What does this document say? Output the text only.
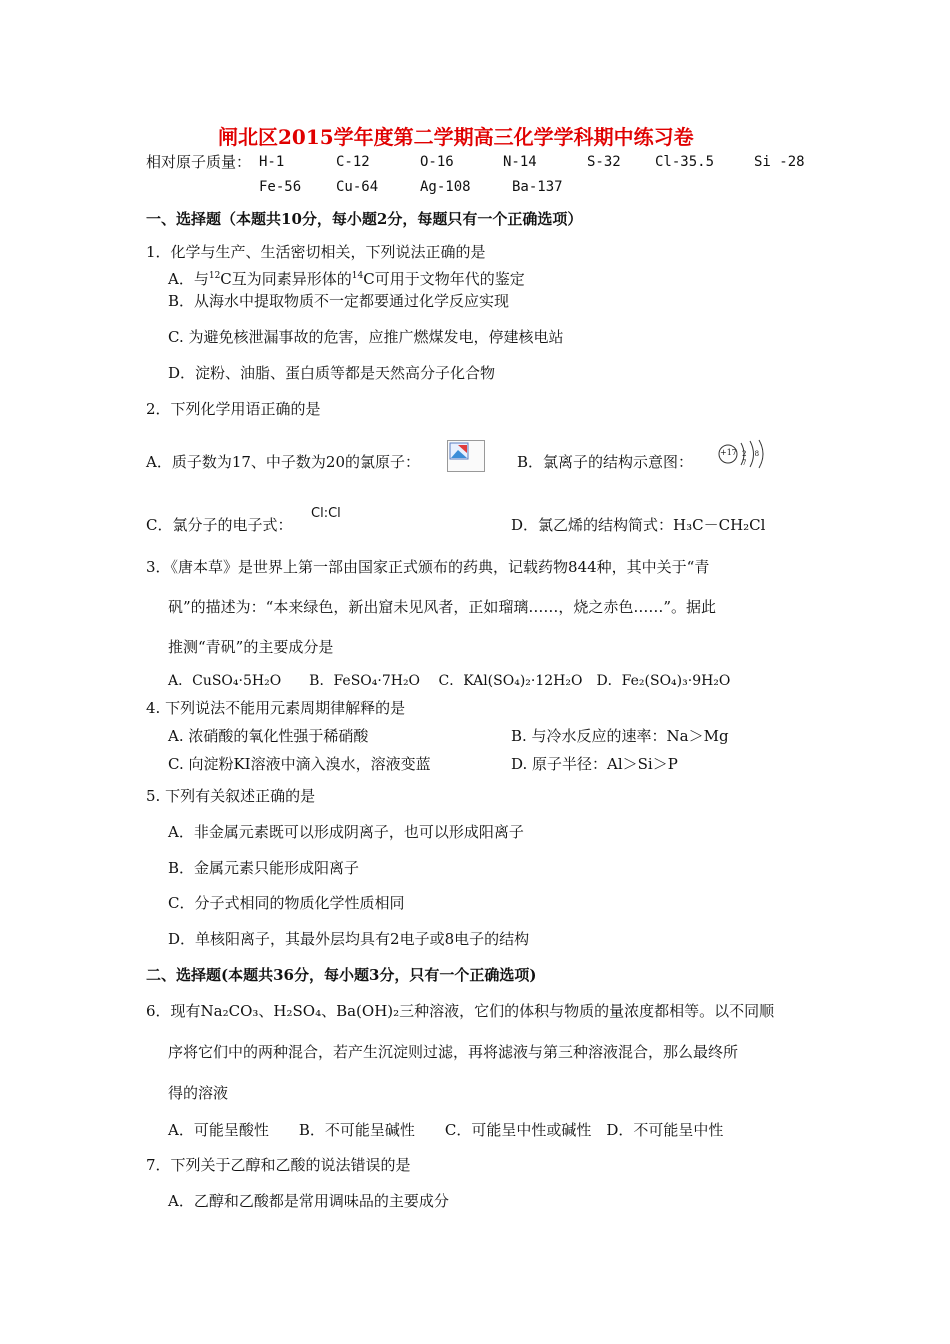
闸北区2015学年度第二学期高三化学学科期中练习卷
相对原子质量： H-1	C-12	O-16	N-14	S-32 Cl-35.5	Si -28
Fe-56 Cu-64	Ag-108	Ba-137
一、选择题（本题共10分，每小题2分，每题只有一个正确选项）
1．化学与生产、生活密切相关，下列说法正确的是
A．与$^{12}$C互为同素异形体的$^{14}$C可用于文物年代的鉴定
B．从海水中提取物质不一定都要通过化学反应实现
C. 为避免核泄漏事故的危害，应推广燃煤发电，停建核电站
D．淀粉、油脂、蛋白质等都是天然高分子化合物
2．下列化学用语正确的是
A．质子数为17、中子数为20的氯原子：	B．氯离子的结构示意图：
+17 2 8 7
C．氯分子的电子式：
Cl:Cl
D．氯乙烯的结构简式：H₃C－CH₂Cl
3．《唐本草》是世界上第一部由国家正式颁布的药典，记载药物844种，其中关于“青
矾”的描述为：“本来绿色，新出窟未见风者，正如瑠璃……，烧之赤色……”。据此
推测“青矾”的主要成分是
A．CuSO₄·5H₂O　　B．FeSO₄·7H₂O　 C．KAl(SO₄)₂·12H₂O　D．Fe₂(SO₄)₃·9H₂O
4. 下列说法不能用元素周期律解释的是
A. 浓硝酸的氧化性强于稀硝酸	B. 与冷水反应的速率：Na＞Mg
C. 向淀粉KI溶液中滴入溴水，溶液变蓝	D. 原子半径：Al＞Si＞P
5. 下列有关叙述正确的是
A．非金属元素既可以形成阴离子，也可以形成阳离子
B．金属元素只能形成阳离子
C．分子式相同的物质化学性质相同
D．单核阳离子，其最外层均具有2电子或8电子的结构
二、选择题(本题共36分，每小题3分，只有一个正确选项)
6．现有Na₂CO₃、H₂SO₄、Ba(OH)₂三种溶液，它们的体积与物质的量浓度都相等。以不同顺
序将它们中的两种混合，若产生沉淀则过滤，再将滤液与第三种溶液混合，那么最终所
得的溶液
A．可能呈酸性　　B．不可能呈碱性　　C．可能呈中性或碱性　D．不可能呈中性
7．下列关于乙醇和乙酸的说法错误的是
A．乙醇和乙酸都是常用调味品的主要成分
